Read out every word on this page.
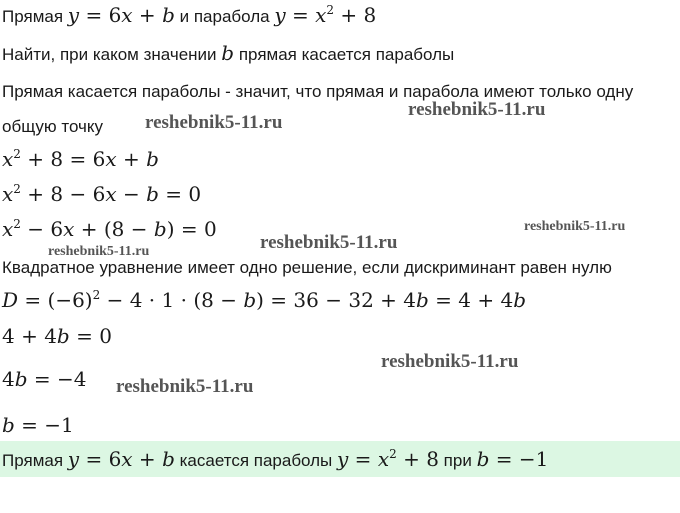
Прямая y = 6x + b и парабола $y = x^2 + 8$
Найти, при каком значении b прямая касается параболы
Прямая касается параболы - значит, что прямая и парабола имеют только одну
общую точку
$x^2 + 8 = 6x + b$
$x^2 + 8 - 6x - b = 0$
$x^2 - 6x + (8 - b) = 0$
Квадратное уравнение имеет одно решение, если дискриминант равен нулю
$D = (-6)^2 - 4 \cdot 1 \cdot (8 - b) = 36 - 32 + 4b = 4 + 4b$
4 + 4b = 0
4b = −4
b = −1
Прямая y = 6x + b касается параболы $y = x^2 + 8$ при b = −1
reshebnik5-11.ru
reshebnik5-11.ru
reshebnik5-11.ru
reshebnik5-11.ru
reshebnik5-11.ru
reshebnik5-11.ru
reshebnik5-11.ru
